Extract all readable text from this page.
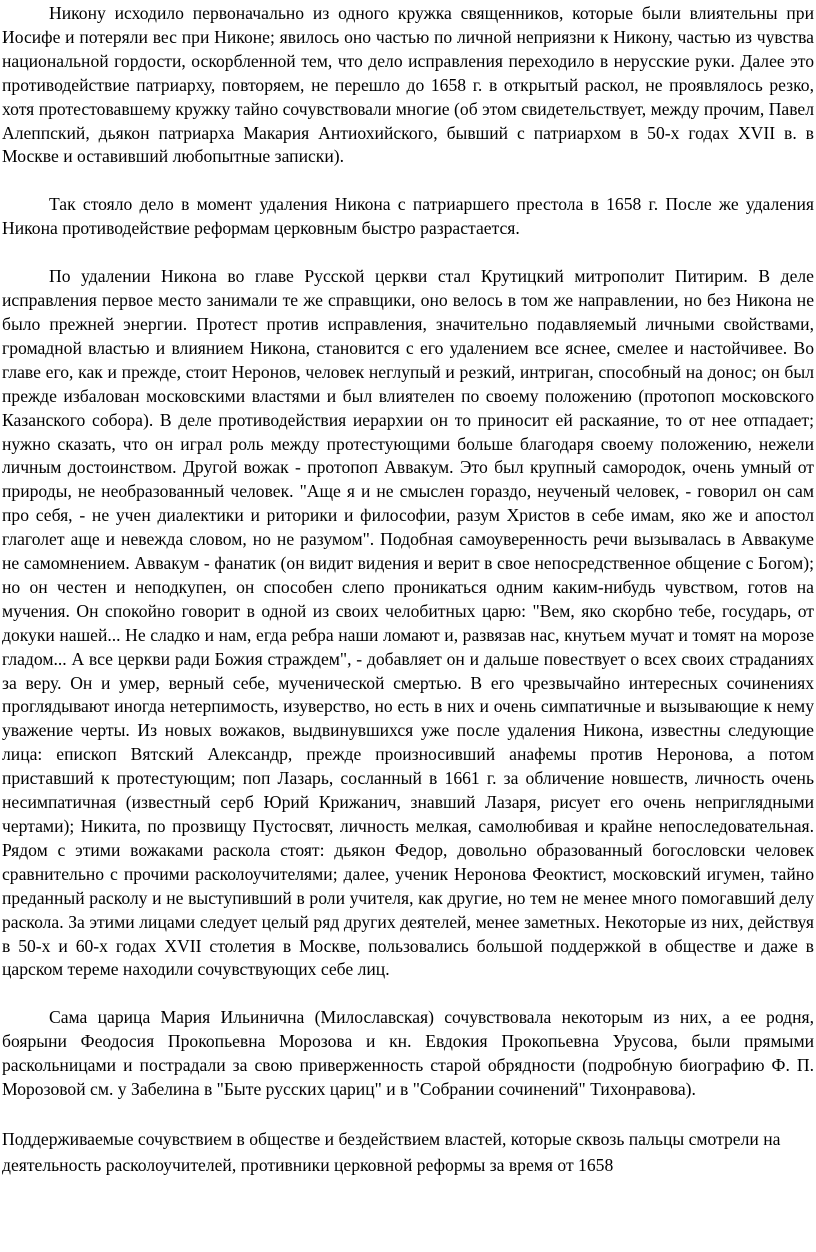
Никону исходило первоначально из одного кружка священников, которые были влиятельны при Иосифе и потеряли вес при Никоне; явилось оно частью по личной неприязни к Никону, частью из чувства национальной гордости, оскорбленной тем, что дело исправления переходило в нерусские руки. Далее это противодействие патриарху, повторяем, не перешло до 1658 г. в открытый раскол, не проявлялось резко, хотя протестовавшему кружку тайно сочувствовали многие (об этом свидетельствует, между прочим, Павел Алеппский, дьякон патриарха Макария Антиохийского, бывший с патриархом в 50-х годах XVII в. в Москве и оставивший любопытные записки).

Так стояло дело в момент удаления Никона с патриаршего престола в 1658 г. После же удаления Никона противодействие реформам церковным быстро разрастается.

По удалении Никона во главе Русской церкви стал Крутицкий митрополит Питирим. В деле исправления первое место занимали те же справщики, оно велось в том же направлении, но без Никона не было прежней энергии. Протест против исправления, значительно подавляемый личными свойствами, громадной властью и влиянием Никона, становится с его удалением все яснее, смелее и настойчивее. Во главе его, как и прежде, стоит Неронов, человек неглупый и резкий, интриган, способный на донос; он был прежде избалован московскими властями и был влиятелен по своему положению (протопоп московского Казанского собора). В деле противодействия иерархии он то приносит ей раскаяние, то от нее отпадает; нужно сказать, что он играл роль между протестующими больше благодаря своему положению, нежели личным достоинством. Другой вожак - протопоп Аввакум. Это был крупный самородок, очень умный от природы, не необразованный человек. "Аще я и не смыслен гораздо, неученый человек, - говорил он сам про себя, - не учен диалектики и риторики и философии, разум Христов в себе имам, яко же и апостол глаголет аще и невежда словом, но не разумом". Подобная самоуверенность речи вызывалась в Аввакуме не самомнением. Аввакум - фанатик (он видит видения и верит в свое непосредственное общение с Богом); но он честен и неподкупен, он способен слепо проникаться одним каким-нибудь чувством, готов на мучения. Он спокойно говорит в одной из своих челобитных царю: "Вем, яко скорбно тебе, государь, от докуки нашей... Не сладко и нам, егда ребра наши ломают и, развязав нас, кнутьем мучат и томят на морозе гладом... А все церкви ради Божия страждем", - добавляет он и дальше повествует о всех своих страданиях за веру. Он и умер, верный себе, мученической смертью. В его чрезвычайно интересных сочинениях проглядывают иногда нетерпимость, изуверство, но есть в них и очень симпатичные и вызывающие к нему уважение черты. Из новых вожаков, выдвинувшихся уже после удаления Никона, известны следующие лица: епископ Вятский Александр, прежде произносивший анафемы против Неронова, а потом приставший к протестующим; поп Лазарь, сосланный в 1661 г. за обличение новшеств, личность очень несимпатичная (известный серб Юрий Крижанич, знавший Лазаря, рисует его очень неприглядными чертами); Никита, по прозвищу Пустосвят, личность мелкая, самолюбивая и крайне непоследовательная. Рядом с этими вожаками раскола стоят: дьякон Федор, довольно образованный богословски человек сравнительно с прочими расколоучителями; далее, ученик Неронова Феоктист, московский игумен, тайно преданный расколу и не выступивший в роли учителя, как другие, но тем не менее много помогавший делу раскола. За этими лицами следует целый ряд других деятелей, менее заметных. Некоторые из них, действуя в 50-х и 60-х годах XVII столетия в Москве, пользовались большой поддержкой в обществе и даже в царском тереме находили сочувствующих себе лиц.

Сама царица Мария Ильинична (Милославская) сочувствовала некоторым из них, а ее родня, боярыни Феодосия Прокопьевна Морозова и кн. Евдокия Прокопьевна Урусова, были прямыми раскольницами и пострадали за свою приверженность старой обрядности (подробную биографию Ф. П. Морозовой см. у Забелина в "Быте русских цариц" и в "Собрании сочинений" Тихонравова).

Поддерживаемые сочувствием в обществе и бездействием властей, которые сквозь пальцы смотрели на деятельность расколоучителей, противники церковной реформы за время от 1658
